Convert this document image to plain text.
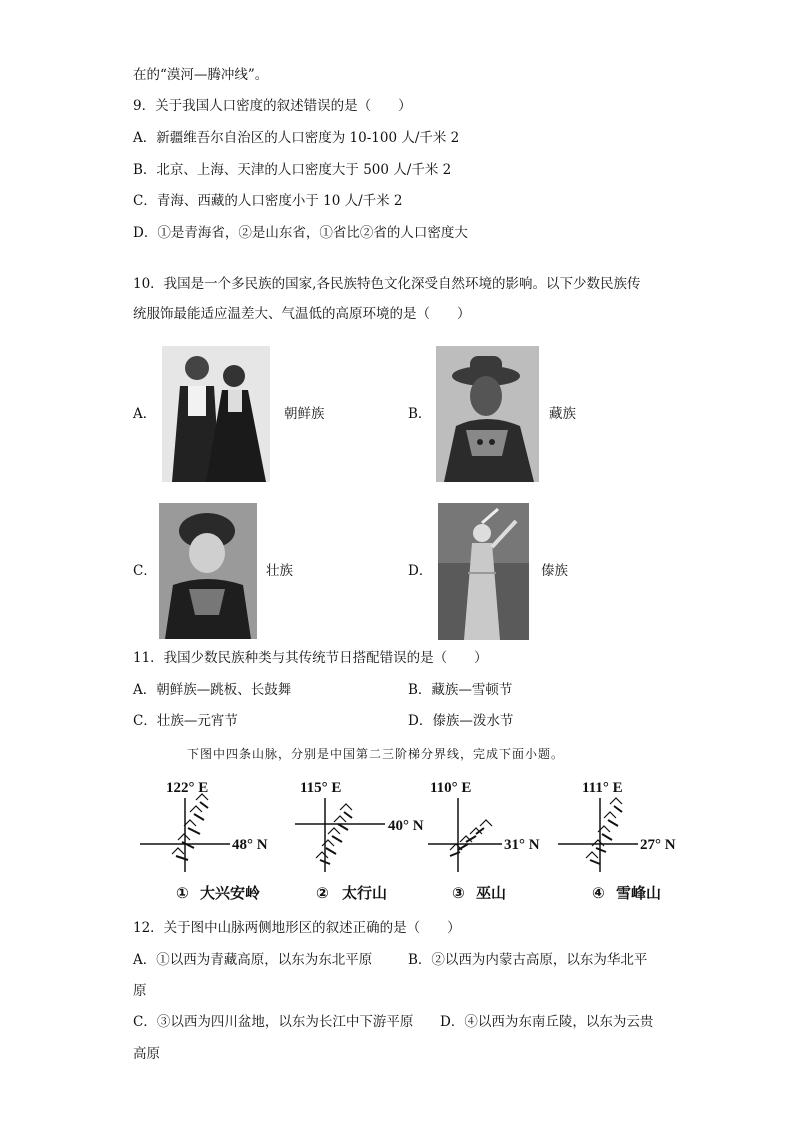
在的“漠河—腾冲线”。
9．关于我国人口密度的叙述错误的是（　　）
A．新疆维吾尔自治区的人口密度为 10-100 人/千米 2
B．北京、上海、天津的人口密度大于 500 人/千米 2
C．青海、西藏的人口密度小于 10 人/千米 2
D．①是青海省，②是山东省，①省比②省的人口密度大
10．我国是一个多民族的国家,各民族特色文化深受自然环境的影响。以下少数民族传
统服饰最能适应温差大、气温低的高原环境的是（　　）
A．	朝鲜族	B．	藏族
C．	壮族	D．	傣族
11．我国少数民族种类与其传统节日搭配错误的是（　　）
A．朝鲜族—跳板、长鼓舞	B．藏族—雪顿节
C．壮族—元宵节	D．傣族—泼水节
下图中四条山脉，分别是中国第二三阶梯分界线，完成下面小题。
122° E
48° N
① 大兴安岭
115° E
40° N
② 太行山
110° E
31° N
③ 巫山
111° E
27° N
④ 雪峰山
12．关于图中山脉两侧地形区的叙述正确的是（　　）
A．①以西为青藏高原，以东为东北平原	B．②以西为内蒙古高原，以东为华北平
原
C．③以西为四川盆地，以东为长江中下游平原 D．④以西为东南丘陵，以东为云贵
高原
